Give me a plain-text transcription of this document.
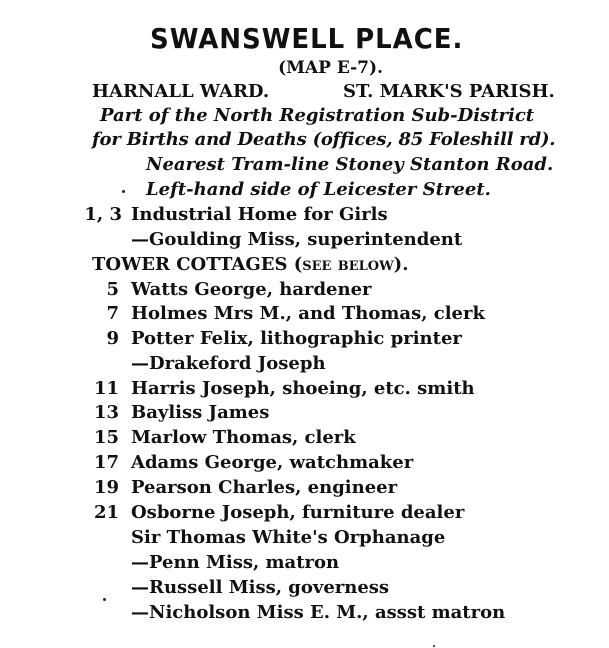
SWANSWELL PLACE.
(MAP E-7).
HARNALL WARD.	ST. MARK'S PARISH.
Part of the North Registration Sub-District
for Births and Deaths (offices, 85 Foleshill rd).
Nearest Tram-line Stoney Stanton Road.
Left-hand side of Leicester Street.
1, 3 Industrial Home for Girls
—Goulding Miss, superintendent
TOWER COTTAGES (see below).
5 Watts George, hardener
7 Holmes Mrs M., and Thomas, clerk
9 Potter Felix, lithographic printer
—Drakeford Joseph
11 Harris Joseph, shoeing, etc. smith
13 Bayliss James
15 Marlow Thomas, clerk
17 Adams George, watchmaker
19 Pearson Charles, engineer
21 Osborne Joseph, furniture dealer
Sir Thomas White's Orphanage
—Penn Miss, matron
—Russell Miss, governess
—Nicholson Miss E. M., assst matron
